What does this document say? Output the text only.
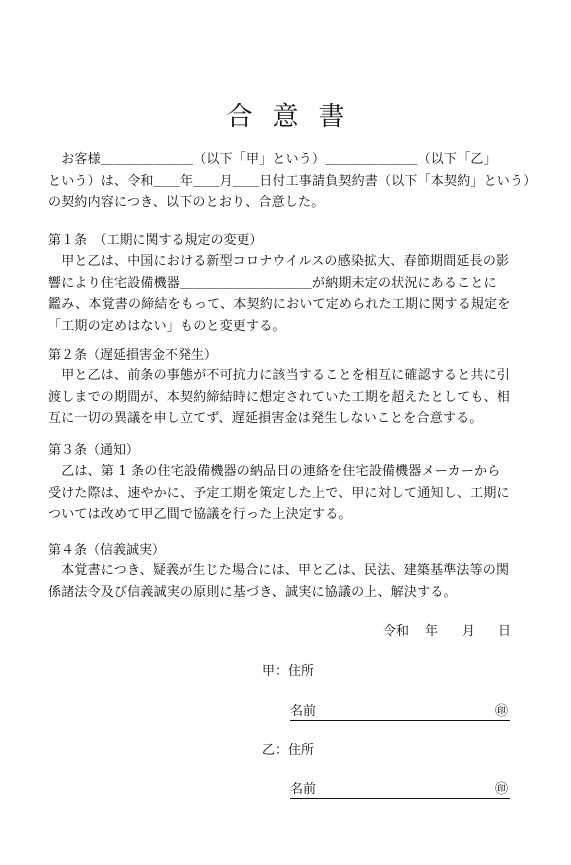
合意書
　お客様＿＿＿＿＿＿＿（以下「甲」という）＿＿＿＿＿＿＿（以下「乙」
という）は、令和＿＿年＿＿月＿＿日付工事請負契約書（以下「本契約」という）
の契約内容につき、以下のとおり、合意した。
第１条　（工期に関する規定の変更）
　甲と乙は、中国における新型コロナウイルスの感染拡大、春節期間延長の影
響により住宅設備機器＿＿＿＿＿＿＿＿＿＿が納期未定の状況にあることに
鑑み、本覚書の締結をもって、本契約において定められた工期に関する規定を
「工期の定めはない」ものと変更する。
第２条（遅延損害金不発生）
　甲と乙は、前条の事態が不可抗力に該当することを相互に確認すると共に引
渡しまでの期間が、本契約締結時に想定されていた工期を超えたとしても、相
互に一切の異議を申し立てず、遅延損害金は発生しないことを合意する。
第３条（通知）
　乙は、第 1 条の住宅設備機器の納品日の連絡を住宅設備機器メーカーから
受けた際は、速やかに、予定工期を策定した上で、甲に対して通知し、工期に
ついては改めて甲乙間で協議を行った上決定する。
第４条（信義誠実）
　本覚書につき、疑義が生じた場合には、甲と乙は、民法、建築基準法等の関
係諸法令及び信義誠実の原則に基づき、誠実に協議の上、解決する。
令和 年 月 日
甲：住所
名前	㊞
乙：住所
名前	㊞
